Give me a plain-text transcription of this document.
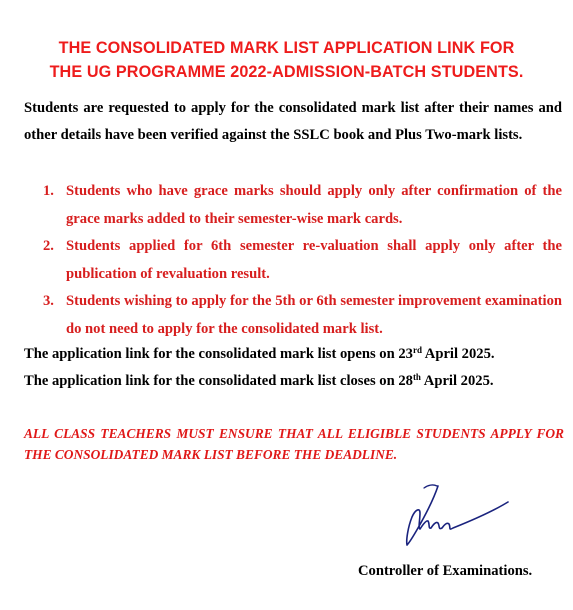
THE CONSOLIDATED MARK LIST APPLICATION LINK FOR
THE UG PROGRAMME 2022-ADMISSION-BATCH STUDENTS.
Students are requested to apply for the consolidated mark list after their names and other details have been verified against the SSLC book and Plus Two-mark lists.
1. Students who have grace marks should apply only after confirmation of the grace marks added to their semester-wise mark cards.
2. Students applied for 6th semester re-valuation shall apply only after the publication of revaluation result.
3. Students wishing to apply for the 5th or 6th semester improvement examination do not need to apply for the consolidated mark list.
The application link for the consolidated mark list opens on 23rd April 2025.
The application link for the consolidated mark list closes on 28th April 2025.
ALL CLASS TEACHERS MUST ENSURE THAT ALL ELIGIBLE STUDENTS APPLY FOR THE CONSOLIDATED MARK LIST BEFORE THE DEADLINE.
Controller of Examinations.
